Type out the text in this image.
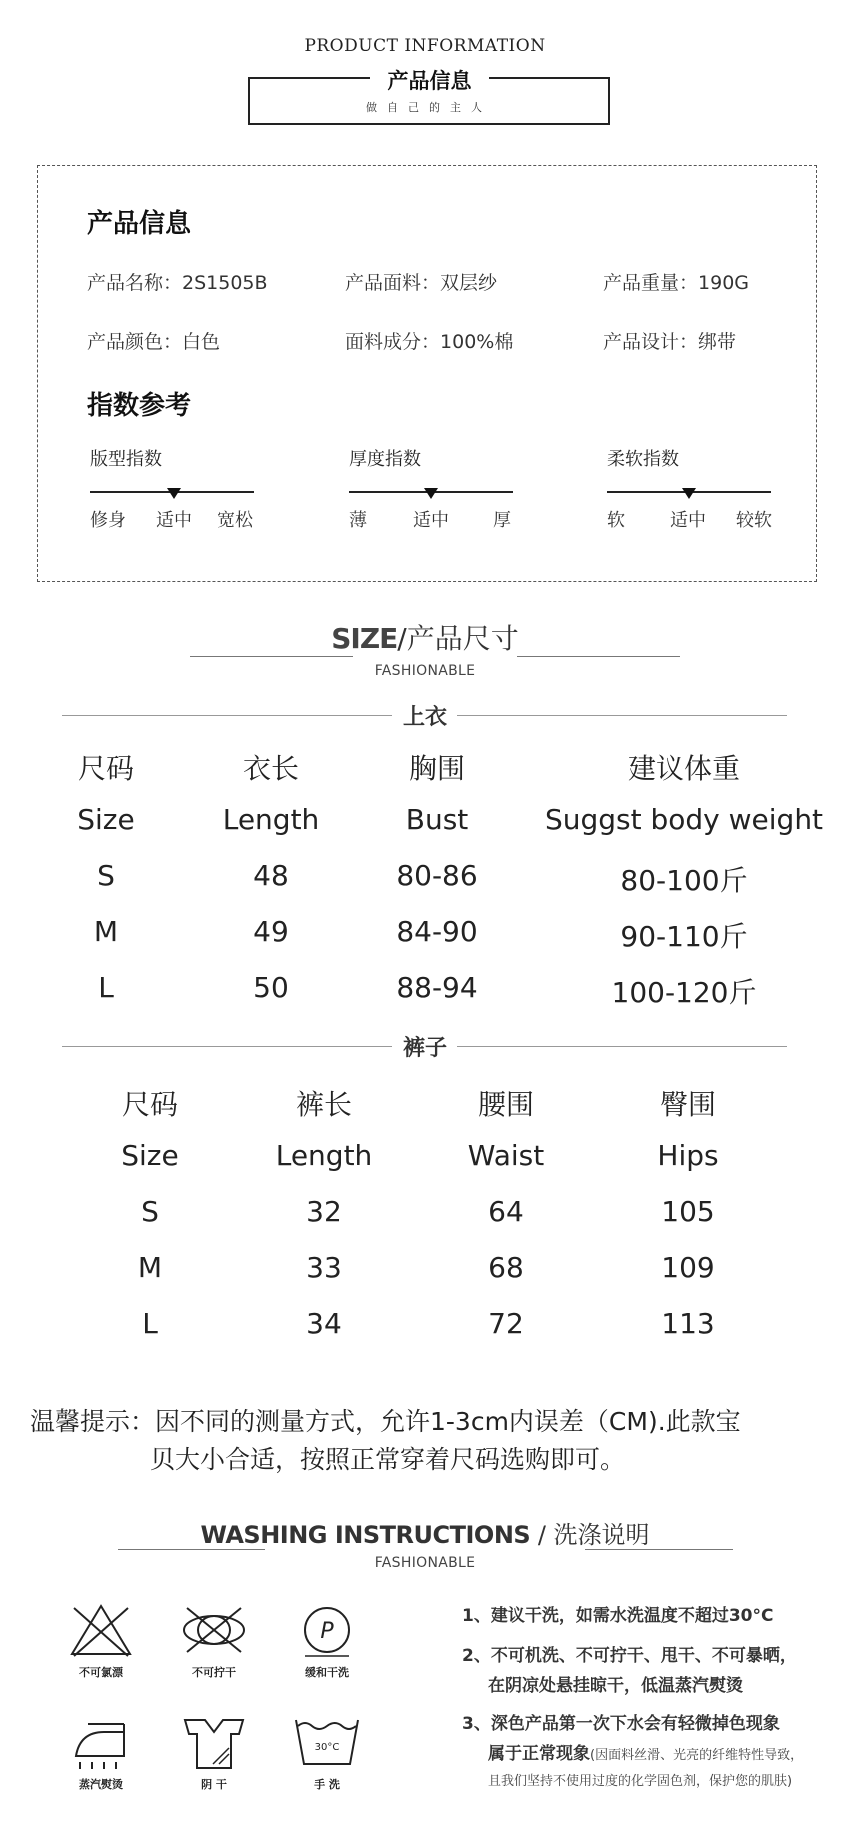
PRODUCT INFORMATION
产品信息
做自己的主人
产品信息
产品名称：2S1505B	产品面料：双层纱	产品重量：190G
产品颜色：白色	面料成分：100%棉	产品设计：绑带
指数参考
版型指数
修身 适中 宽松
厚度指数
薄	适中 厚
柔软指数
软	适中 较软
SIZE/产品尺寸
FASHIONABLE
上衣
尺码	衣长	胸围	建议体重
Size	Length	Bust	Suggst body weight
S	48	80-86	80-100斤
M	49	84-90	90-110斤
L	50	88-94	100-120斤
裤子
尺码	裤长	腰围	臀围
Size	Length	Waist	Hips
S	32	64	105
M	33	68	109
L	34	72	113
温馨提示：因不同的测量方式，允许1-3cm内误差（CM).此款宝
贝大小合适，按照正常穿着尺码选购即可。
WASHING INSTRUCTIONS / 洗涤说明
FASHIONABLE
不可氯漂	不可拧干
P
缓和干洗
蒸汽熨烫	阴 干
30°C
手 洗
1、建议干洗，如需水洗温度不超过30°C
2、不可机洗、不可拧干、甩干、不可暴晒，
在阴凉处悬挂晾干，低温蒸汽熨烫
3、深色产品第一次下水会有轻微掉色现象
属于正常现象(因面料丝滑、光亮的纤维特性导致，
且我们坚持不使用过度的化学固色剂，保护您的肌肤)
